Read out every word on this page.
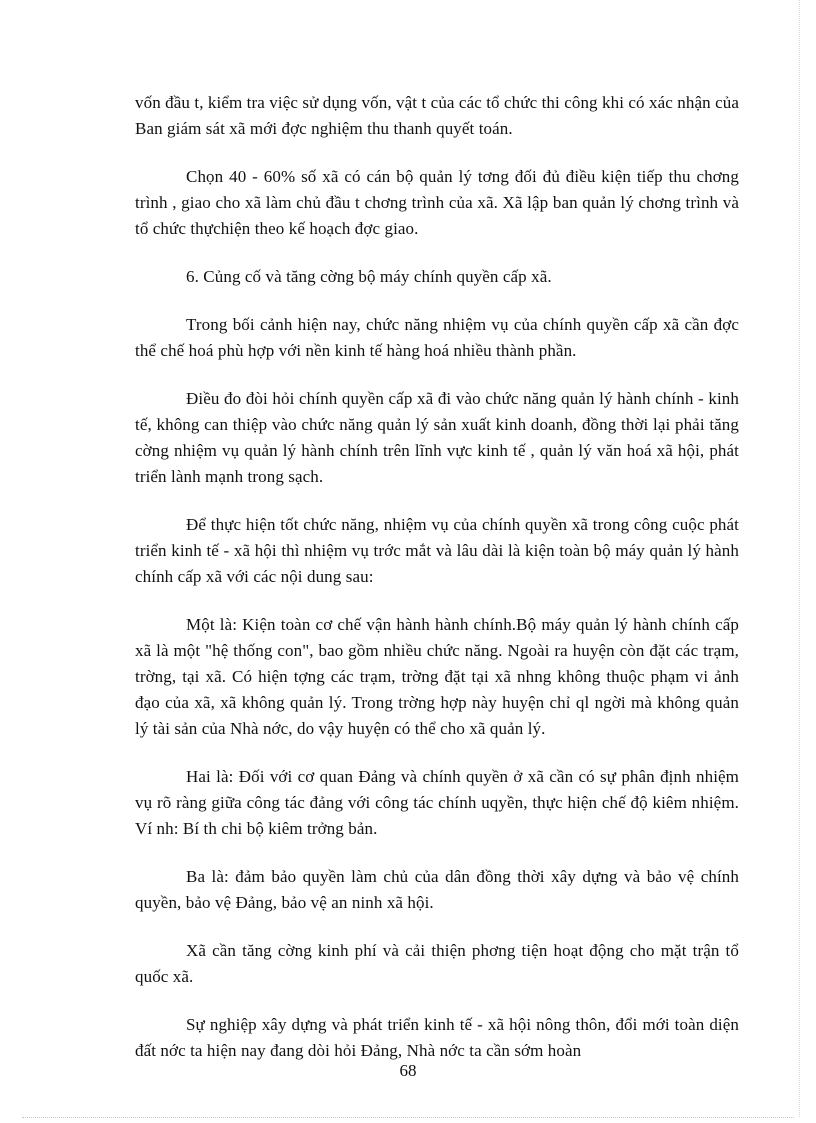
vốn đầu t, kiểm tra việc sử dụng vốn, vật t của các tổ chức thi công khi có xác nhận của Ban giám sát xã mới đợc nghiệm thu thanh quyết toán.

Chọn 40 - 60% số xã có cán bộ quản lý tơng đối đủ điều kiện tiếp thu chơng trình , giao cho xã làm chủ đầu t chơng trình của xã. Xã lập ban quản lý chơng trình và tổ chức thựchiện theo kế hoạch đợc giao.

6. Củng cố và tăng cờng bộ máy chính quyền cấp xã.

Trong bối cảnh hiện nay, chức năng nhiệm vụ của chính quyền cấp xã cần đợc thể chế hoá phù hợp với nền kinh tế hàng hoá nhiều thành phần.

Điều đo đòi hỏi chính quyền cấp xã đi vào chức năng quản lý hành chính - kinh tế, không can thiệp vào chức năng quản lý sản xuất kinh doanh, đồng thời lại phải tăng cờng nhiệm vụ quản lý hành chính trên lĩnh vực kinh tế , quản lý văn hoá xã hội, phát triển lành mạnh trong sạch.

Để thực hiện tốt chức năng, nhiệm vụ của chính quyền xã trong công cuộc phát triển kinh tế - xã hội thì nhiệm vụ trớc mắt và lâu dài là kiện toàn bộ máy quản lý hành chính cấp xã với các nội dung sau:

Một là: Kiện toàn cơ chế vận hành hành chính.Bộ máy quản lý hành chính cấp xã là một "hệ thống con", bao gồm nhiều chức năng. Ngoài ra huyện còn đặt các trạm, trờng, tại xã. Có hiện tợng các trạm, trờng đặt tại xã nhng không thuộc phạm vi ảnh đạo của xã, xã không quản lý. Trong trờng hợp này huyện chỉ ql ngời mà không quản lý tài sản của Nhà nớc, do vậy huyện có thể cho xã quản lý.

Hai là: Đối với cơ quan Đảng và chính quyền ở xã cần có sự phân định nhiệm vụ rõ ràng giữa công tác đảng với công tác chính uqyền, thực hiện chế độ kiêm nhiệm. Ví nh: Bí th chi bộ kiêm trởng bản.

Ba là: đảm bảo quyền làm chủ của dân đồng thời xây dựng và bảo vệ chính quyền, bảo vệ Đảng, bảo vệ an ninh xã hội.

Xã cần tăng cờng kinh phí và cải thiện phơng tiện hoạt động cho mặt trận tổ quốc xã.

Sự nghiệp xây dựng và phát triển kinh tế - xã hội nông thôn, đổi mới toàn diện đất nớc ta hiện nay đang dòi hỏi Đảng, Nhà nớc ta cần sớm hoàn

68
